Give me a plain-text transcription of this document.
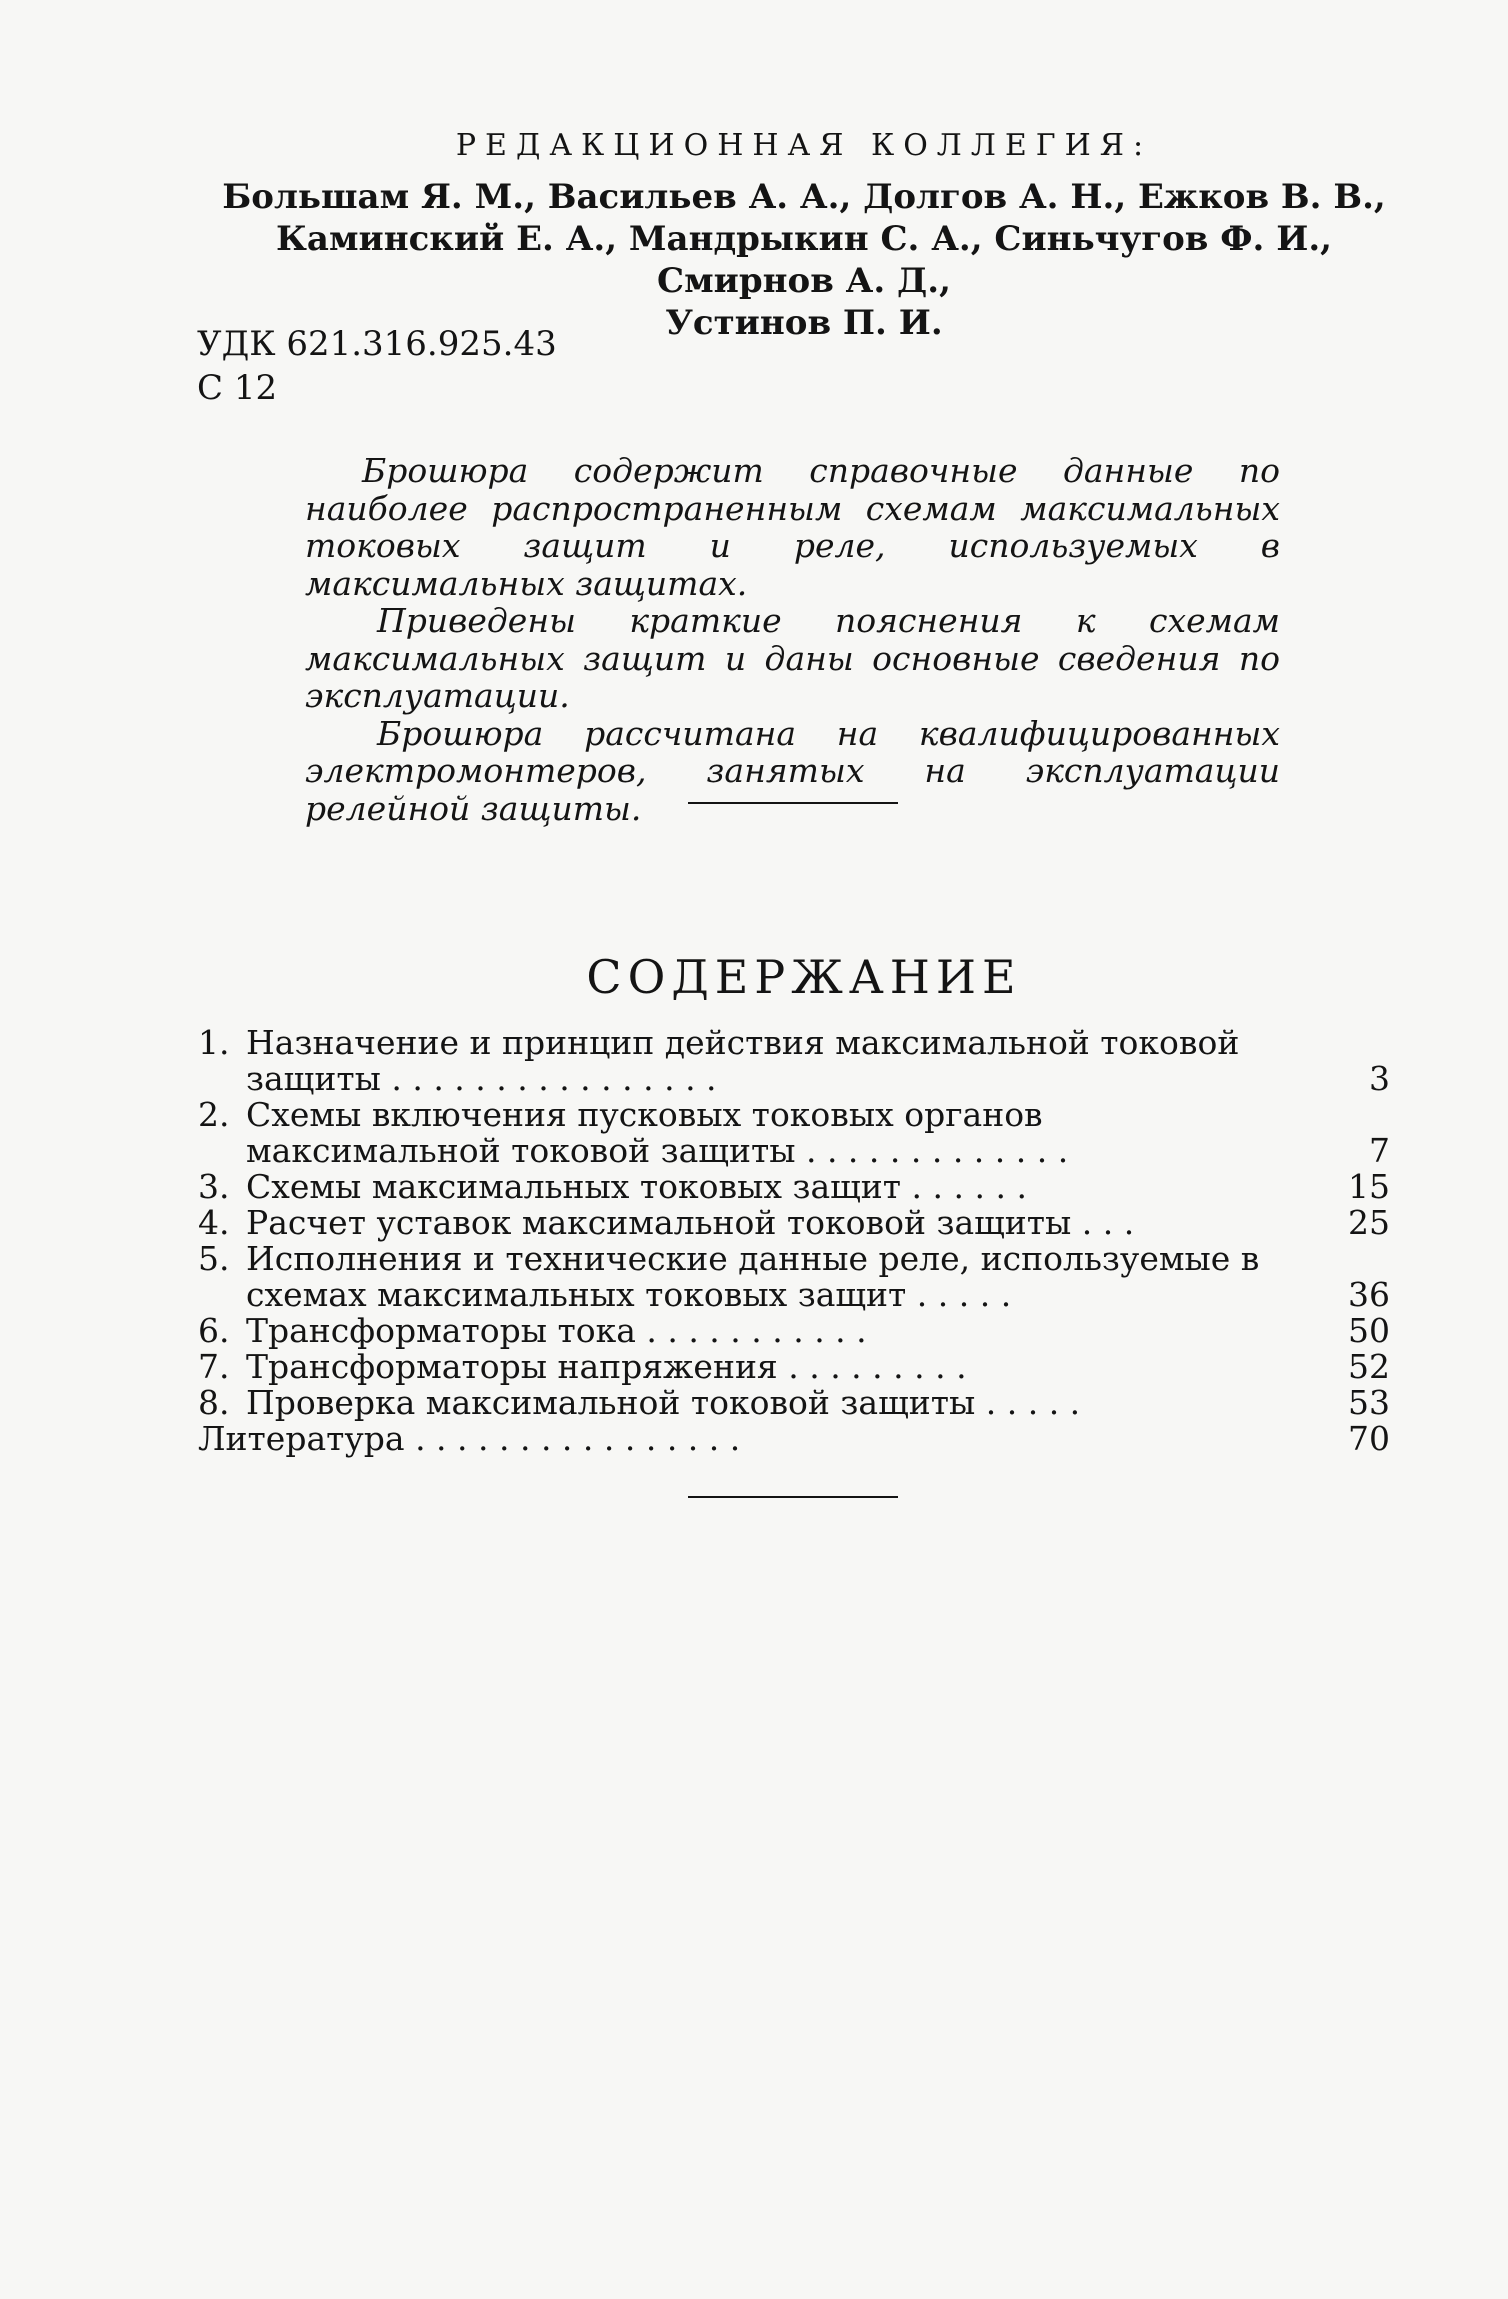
РЕДАКЦИОННАЯ КОЛЛЕГИЯ:
Большам Я. М., Васильев А. А., Долгов А. Н., Ежков В. В.,
Каминский Е. А., Мандрыкин С. А., Синьчугов Ф. И., Смирнов А. Д.,
Устинов П. И.
УДК 621.316.925.43
С 12

Брошюра содержит справочные данные по наиболее распространенным схемам максимальных токовых защит и реле, используемых в максимальных защитах.

Приведены краткие пояснения к схемам максимальных защит и даны основные сведения по эксплуатации.

Брошюра рассчитана на квалифицированных электромонтеров, занятых на эксплуатации релейной защиты.

СОДЕРЖАНИЕ
1. Назначение и принцип действия максимальной токовой защиты . . . . . . . . . . . . . . . .	3
2. Схемы включения пусковых токовых органов максимальной токовой защиты . . . . . . . . . . . . .	7
3. Схемы максимальных токовых защит . . . . . .	15
4. Расчет уставок максимальной токовой защиты . . .	25
5. Исполнения и технические данные реле, используемые в схемах максимальных токовых защит . . . . .	36
6. Трансформаторы тока . . . . . . . . . . .	50
7. Трансформаторы напряжения . . . . . . . . .	52
8. Проверка максимальной токовой защиты . . . . .	53
Литература . . . . . . . . . . . . . . . .	70
